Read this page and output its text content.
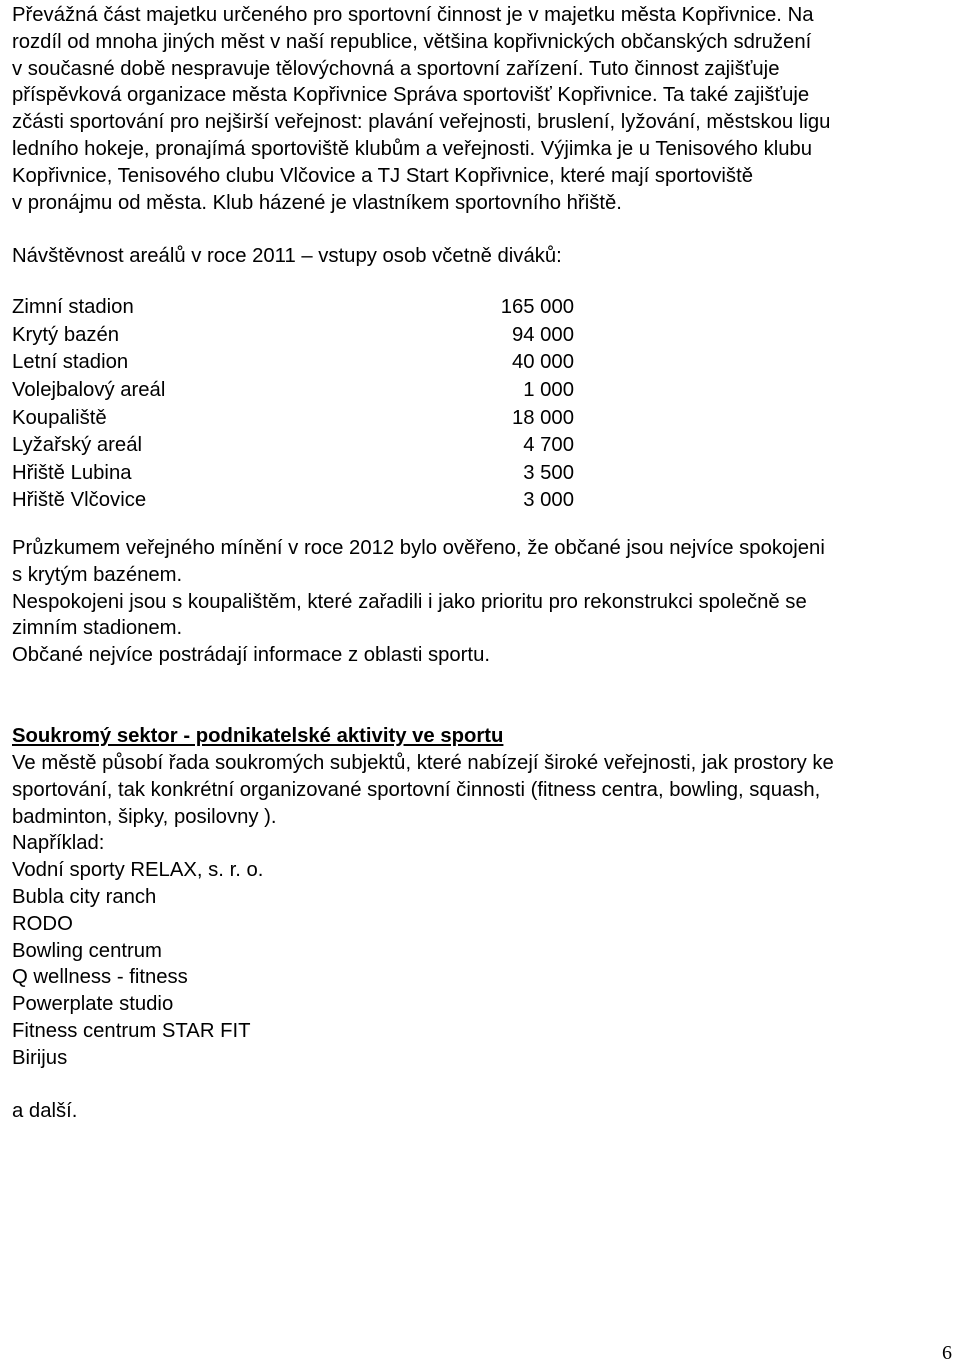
Převážná část majetku určeného pro sportovní činnost je v majetku města Kopřivnice. Na
rozdíl od mnoha jiných měst v naší republice, většina kopřivnických občanských sdružení
v současné době nespravuje tělovýchovná a sportovní zařízení. Tuto činnost zajišťuje
příspěvková organizace města Kopřivnice Správa sportovišť Kopřivnice. Ta také zajišťuje
zčásti sportování pro nejširší veřejnost: plavání veřejnosti, bruslení, lyžování, městskou ligu
ledního hokeje, pronajímá sportoviště klubům a veřejnosti. Výjimka je u Tenisového klubu
Kopřivnice, Tenisového clubu Vlčovice a TJ Start Kopřivnice, které mají sportoviště
v pronájmu od města. Klub házené je vlastníkem sportovního hřiště.
Návštěvnost areálů v roce 2011 – vstupy osob včetně diváků:
Zimní stadion	165 000
Krytý bazén	94 000
Letní stadion	40 000
Volejbalový areál	1 000
Koupaliště	18 000
Lyžařský areál	4 700
Hřiště Lubina	3 500
Hřiště Vlčovice	3 000
Průzkumem veřejného mínění v roce 2012 bylo ověřeno, že občané jsou nejvíce spokojeni
s krytým bazénem.
Nespokojeni jsou s koupalištěm, které zařadili i jako prioritu pro rekonstrukci společně se
zimním stadionem.
Občané nejvíce postrádají informace z oblasti sportu.
Soukromý sektor - podnikatelské aktivity ve sportu
Ve městě působí řada soukromých subjektů, které nabízejí široké veřejnosti, jak prostory ke
sportování, tak konkrétní organizované sportovní činnosti (fitness centra, bowling, squash,
badminton, šipky, posilovny ).
Například:
Vodní sporty RELAX, s. r. o.
Bubla city ranch
RODO
Bowling centrum
Q wellness - fitness
Powerplate studio
Fitness centrum STAR FIT
Birijus
a další.
6
